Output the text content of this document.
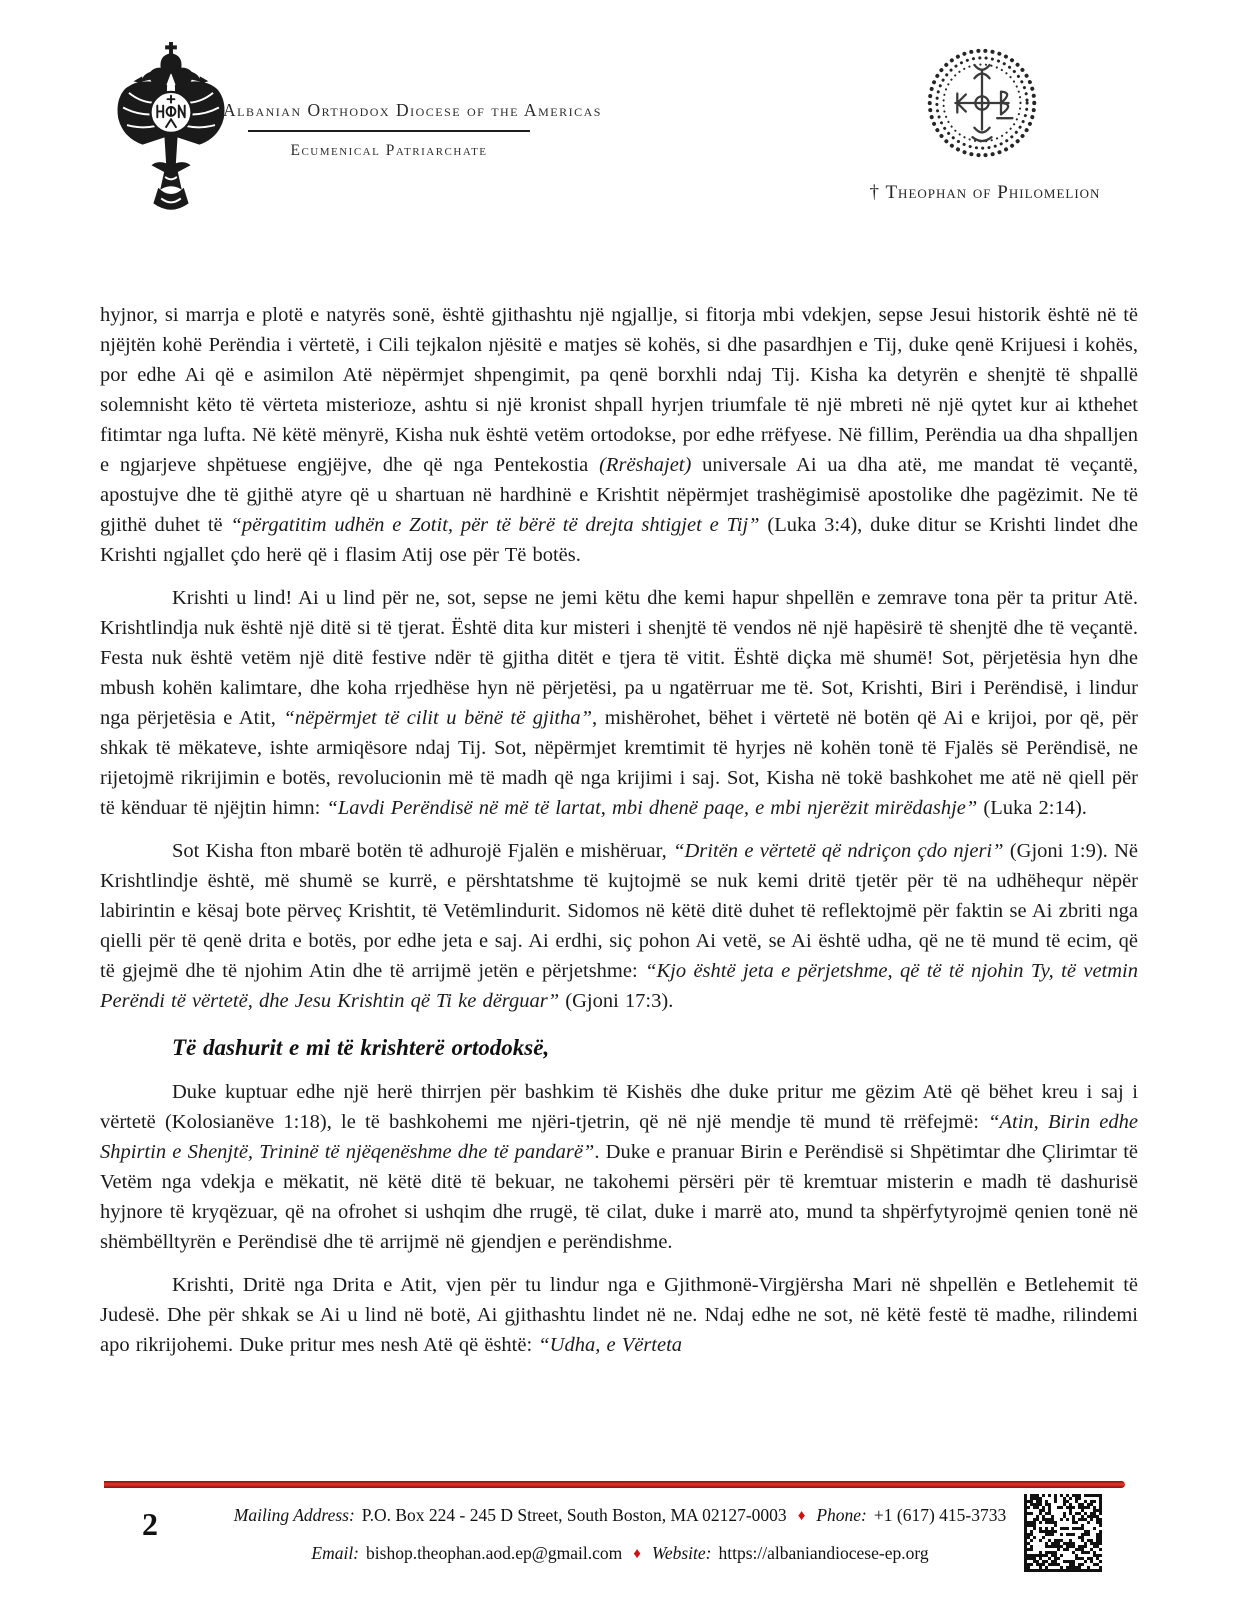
Albanian Orthodox Diocese of the Americas
Ecumenical Patriarchate
† Theophan of Philomelion

hyjnor, si marrja e plotë e natyrës sonë, është gjithashtu një ngjallje, si fitorja mbi vdekjen, sepse Jesui historik është në të njëjtën kohë Perëndia i vërtetë, i Cili tejkalon njësitë e matjes së kohës, si dhe pasardhjen e Tij, duke qenë Krijuesi i kohës, por edhe Ai që e asimilon Atë nëpërmjet shpengimit, pa qenë borxhli ndaj Tij. Kisha ka detyrën e shenjtë të shpallë solemnisht këto të vërteta misterioze, ashtu si një kronist shpall hyrjen triumfale të një mbreti në një qytet kur ai kthehet fitimtar nga lufta. Në këtë mënyrë, Kisha nuk është vetëm ortodokse, por edhe rrëfyese. Në fillim, Perëndia ua dha shpalljen e ngjarjeve shpëtuese engjëjve, dhe që nga Pentekostia (Rrëshajet) universale Ai ua dha atë, me mandat të veçantë, apostujve dhe të gjithë atyre që u shartuan në hardhinë e Krishtit nëpërmjet trashëgimisë apostolike dhe pagëzimit. Ne të gjithë duhet të “përgatitim udhën e Zotit, për të bërë të drejta shtigjet e Tij” (Luka 3:4), duke ditur se Krishti lindet dhe Krishti ngjallet çdo herë që i flasim Atij ose për Të botës.

Krishti u lind! Ai u lind për ne, sot, sepse ne jemi këtu dhe kemi hapur shpellën e zemrave tona për ta pritur Atë. Krishtlindja nuk është një ditë si të tjerat. Është dita kur misteri i shenjtë të vendos në një hapësirë të shenjtë dhe të veçantë. Festa nuk është vetëm një ditë festive ndër të gjitha ditët e tjera të vitit. Është diçka më shumë! Sot, përjetësia hyn dhe mbush kohën kalimtare, dhe koha rrjedhëse hyn në përjetësi, pa u ngatërruar me të. Sot, Krishti, Biri i Perëndisë, i lindur nga përjetësia e Atit, “nëpërmjet të cilit u bënë të gjitha”, mishërohet, bëhet i vërtetë në botën që Ai e krijoi, por që, për shkak të mëkateve, ishte armiqësore ndaj Tij. Sot, nëpërmjet kremtimit të hyrjes në kohën tonë të Fjalës së Perëndisë, ne rijetojmë rikrijimin e botës, revolucionin më të madh që nga krijimi i saj. Sot, Kisha në tokë bashkohet me atë në qiell për të kënduar të njëjtin himn: “Lavdi Perëndisë në më të lartat, mbi dhenë paqe, e mbi njerëzit mirëdashje” (Luka 2:14).

Sot Kisha fton mbarë botën të adhurojë Fjalën e mishëruar, “Dritën e vërtetë që ndriçon çdo njeri” (Gjoni 1:9). Në Krishtlindje është, më shumë se kurrë, e përshtatshme të kujtojmë se nuk kemi dritë tjetër për të na udhëhequr nëpër labirintin e kësaj bote përveç Krishtit, të Vetëmlindurit. Sidomos në këtë ditë duhet të reflektojmë për faktin se Ai zbriti nga qielli për të qenë drita e botës, por edhe jeta e saj. Ai erdhi, siç pohon Ai vetë, se Ai është udha, që ne të mund të ecim, që të gjejmë dhe të njohim Atin dhe të arrijmë jetën e përjetshme: “Kjo është jeta e përjetshme, që të të njohin Ty, të vetmin Perëndi të vërtetë, dhe Jesu Krishtin që Ti ke dërguar” (Gjoni 17:3).

Të dashurit e mi të krishterë ortodoksë,

Duke kuptuar edhe një herë thirrjen për bashkim të Kishës dhe duke pritur me gëzim Atë që bëhet kreu i saj i vërtetë (Kolosianëve 1:18), le të bashkohemi me njëri-tjetrin, që në një mendje të mund të rrëfejmë: “Atin, Birin edhe Shpirtin e Shenjtë, Trininë të njëqenëshme dhe të pandarë”. Duke e pranuar Birin e Perëndisë si Shpëtimtar dhe Çlirimtar të Vetëm nga vdekja e mëkatit, në këtë ditë të bekuar, ne takohemi përsëri për të kremtuar misterin e madh të dashurisë hyjnore të kryqëzuar, që na ofrohet si ushqim dhe rrugë, të cilat, duke i marrë ato, mund ta shpërfytyrojmë qenien tonë në shëmbëlltyrën e Perëndisë dhe të arrijmë në gjendjen e perëndishme.

Krishti, Dritë nga Drita e Atit, vjen për tu lindur nga e Gjithmonë-Virgjërsha Mari në shpellën e Betlehemit të Judesë. Dhe për shkak se Ai u lind në botë, Ai gjithashtu lindet në ne. Ndaj edhe ne sot, në këtë festë të madhe, rilindemi apo rikrijohemi. Duke pritur mes nesh Atë që është: “Udha, e Vërteta

2	Mailing Address: P.O. Box 224 - 245 D Street, South Boston, MA 02127-0003 ♦ Phone: +1 (617) 415-3733
Email: bishop.theophan.aod.ep@gmail.com ♦ Website: https://albaniandiocese-ep.org
